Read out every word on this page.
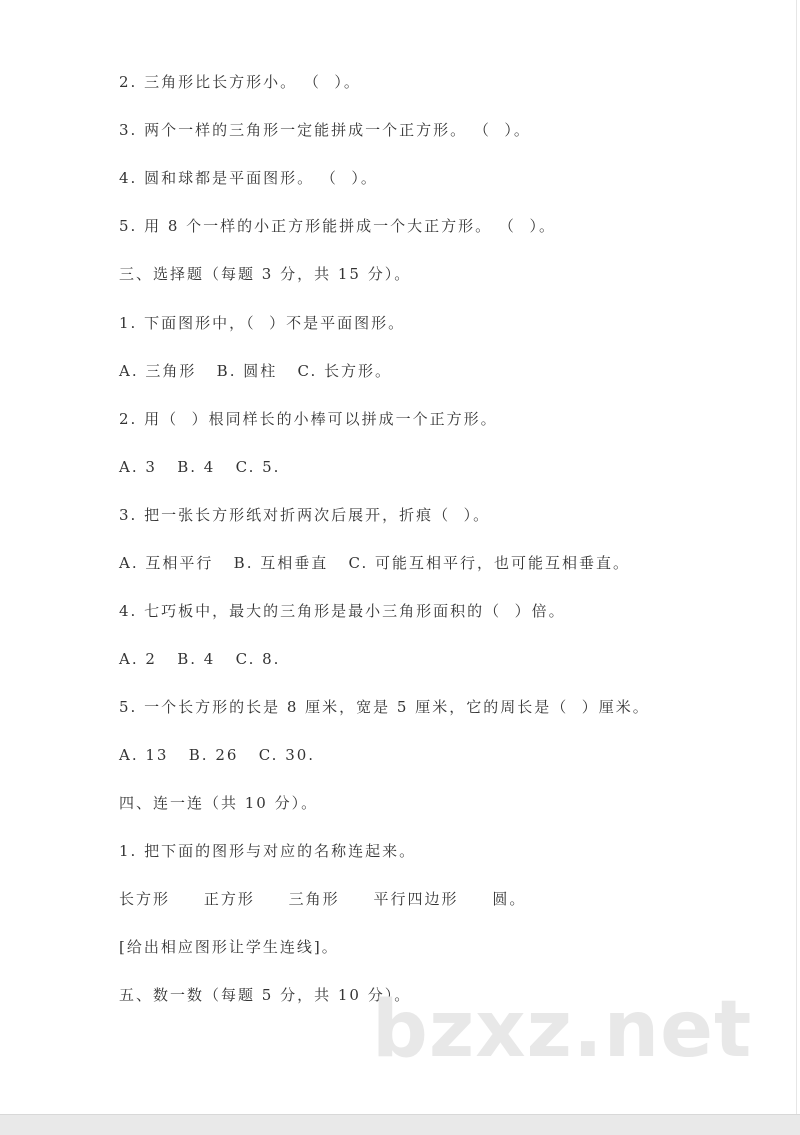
2. 三角形比长方形小。 （  ）。
3. 两个一样的三角形一定能拼成一个正方形。 （  ）。
4. 圆和球都是平面图形。 （  ）。
5. 用 8 个一样的小正方形能拼成一个大正方形。 （  ）。
三、选择题（每题 3 分，共 15 分）。
1. 下面图形中，（  ）不是平面图形。
A. 三角形   B. 圆柱   C. 长方形。
2. 用（  ）根同样长的小棒可以拼成一个正方形。
A. 3   B. 4   C. 5.
3. 把一张长方形纸对折两次后展开，折痕（  ）。
A. 互相平行   B. 互相垂直   C. 可能互相平行，也可能互相垂直。
4. 七巧板中，最大的三角形是最小三角形面积的（  ）倍。
A. 2   B. 4   C. 8.
5. 一个长方形的长是 8 厘米，宽是 5 厘米，它的周长是（  ）厘米。
A. 13   B. 26   C. 30.
四、连一连（共 10 分）。
1. 把下面的图形与对应的名称连起来。
长方形     正方形     三角形     平行四边形     圆。
[给出相应图形让学生连线]。
五、数一数（每题 5 分，共 10 分）。
bzxz.net
